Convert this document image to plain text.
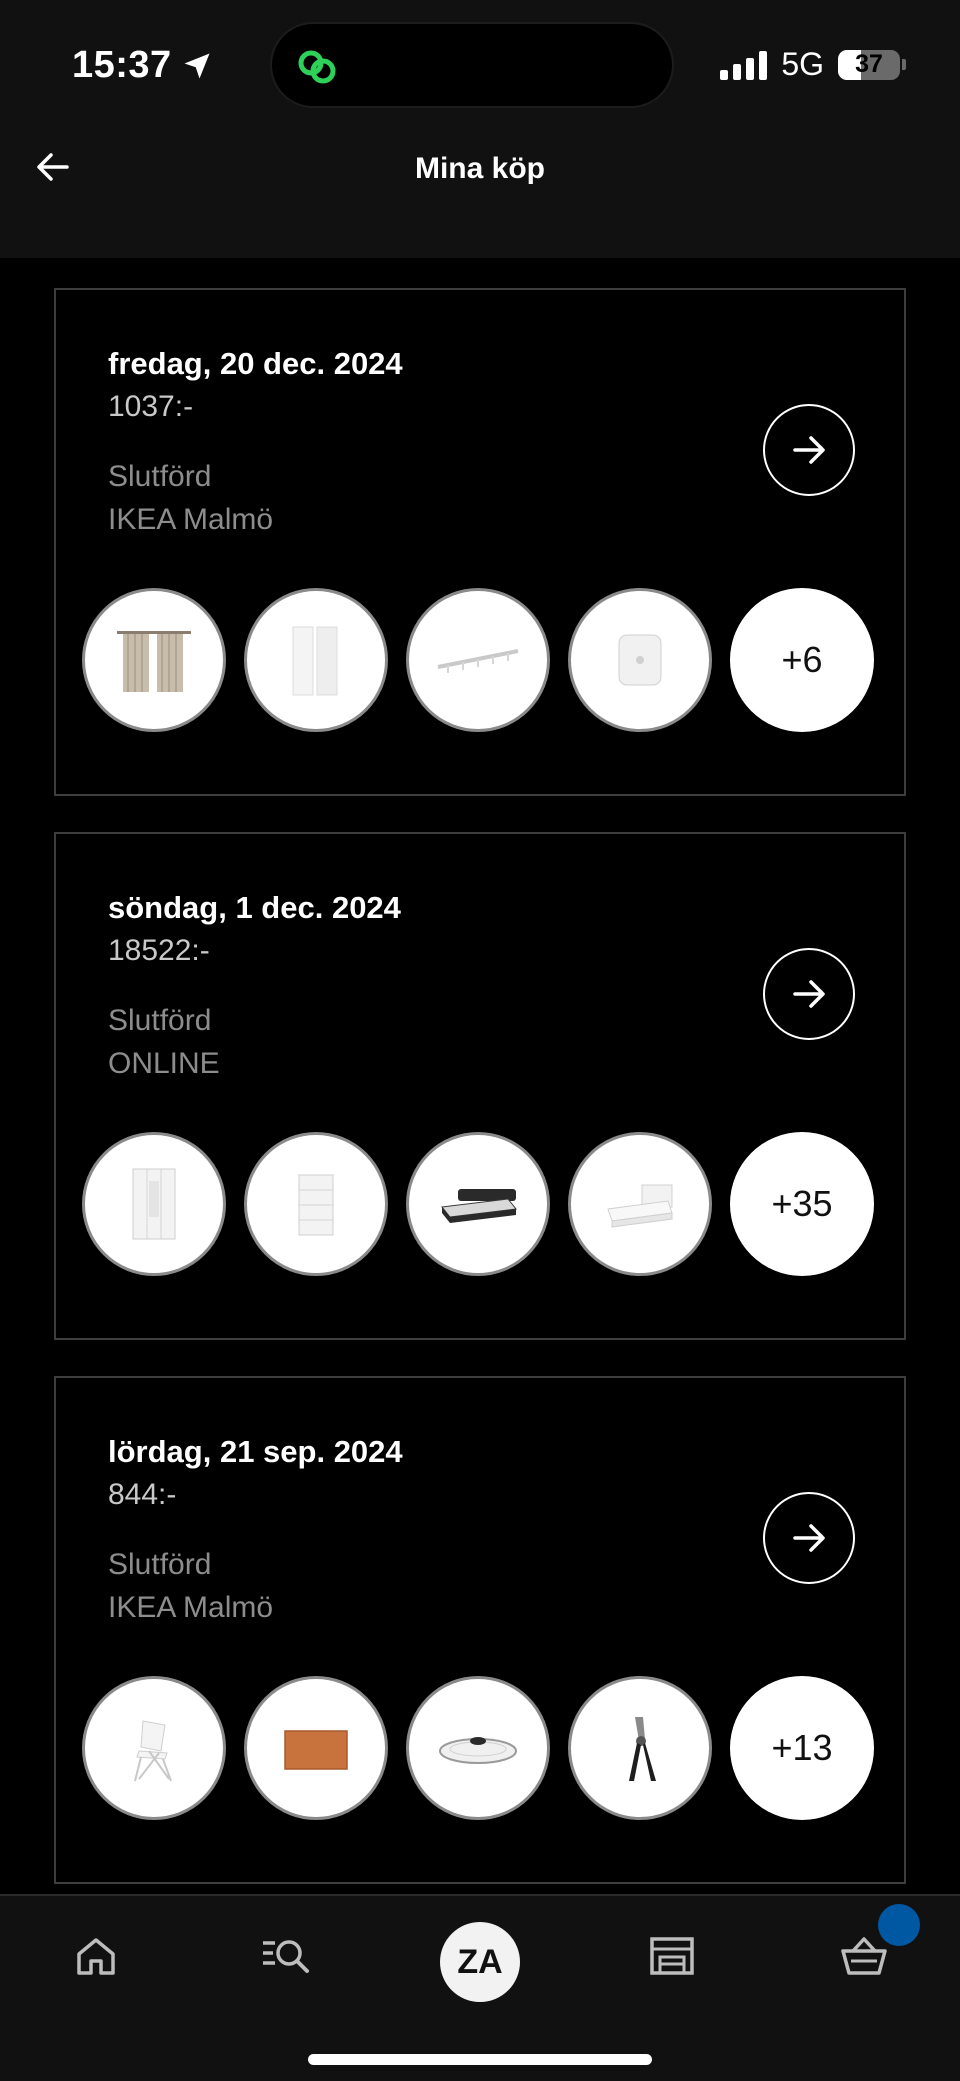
15:37	5G 37
Mina köp
fredag, 20 dec. 2024
1037:-
Slutförd
IKEA Malmö
+6
söndag, 1 dec. 2024
18522:-
Slutförd
ONLINE
+35
lördag, 21 sep. 2024
844:-
Slutförd
IKEA Malmö
+13
ZA
